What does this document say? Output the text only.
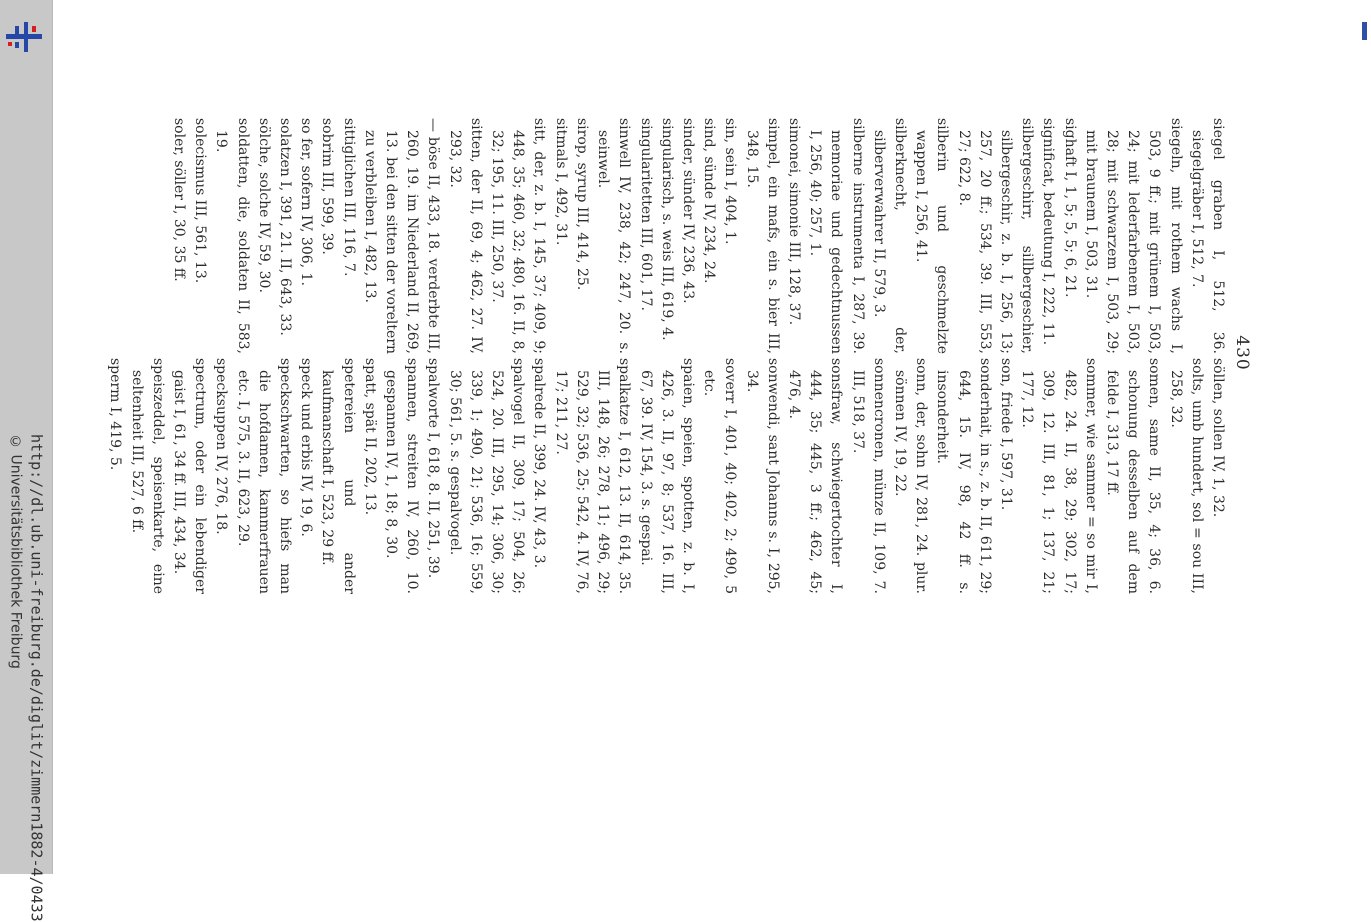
http://dl.ub.uni-freiburg.de/diglit/zimmern1882-4/0433
© Universitätsbibliothek Freiburg
430

siegel graben I, 512, 36. siegelgräber I, 512, 7.

siegeln, mit rothem wachs I, 503, 9 ff.; mit grünem I, 503, 24; mit lederfarbenem I, 503, 28; mit schwarzem I, 503, 29; mit braunem I, 503, 31.

sighaft I, 1, 5; 5, 5; 6, 21.

significat, bedeutung I, 222, 11.

silbergeschirr, sillbergeschier, silbergeschir, z. b. I, 256, 13; 257, 20 ff.; 534, 39. III, 553, 27; 622, 8.

silberin und geschmelzte wappen I, 256, 41.

silberknecht, der, silberverwahrer II, 579, 3.

silberne instrumenta I, 287, 39. memoriae und gedechtnussen I, 256, 40; 257, 1.

simonei, simonie III, 128, 37.

simpel, ein mafs, ein s. bier III, 348, 15.

sin, sein I, 404, 1.

sind, sünde IV, 234, 24.

sinder, sünder IV, 236, 43.

singularisch, s. weis III, 619, 4.

singularitetten III, 601, 17.

sinwell IV, 238, 42; 247, 20. s. seinwel.

sirop, syrup III, 414, 25.

sitmals I, 492, 31.

sitt, der, z. b. I, 145, 37; 409, 9; 448, 35; 460, 32; 480, 16. II, 8, 32; 195, 11. III, 250, 37.

sitten, der II, 69, 4; 462, 27. IV, 293, 32.

— böse II, 433, 18. verderbte III, 260, 19. im Niederland II, 269, 13. bei den sitten der voreltern zu verbleiben I, 482, 13.

sittiglichen III, 116, 7.

sobrim III, 599, 39.

so fer, sofern IV, 306, 1.

solatzen I, 391, 21. II, 643, 33.

sölche, solche IV, 59, 30.

soldatten, die, soldaten II, 583, 19.

solecismus III, 561, 13.

soler, söller I, 30, 35 ff.

söllen, sollen IV, 1, 32.

solts, umb hundert, sol = sou III, 258, 32.

somen, same II, 35, 4; 36, 6. schonung desselben auf dem felde I, 313, 17 ff.

sommer, wie sammer = so mir I, 482, 24. II, 38, 29; 302, 17; 309, 12. III, 81, 1; 137, 21; 177, 12.

son, friede I, 597, 31.

sonderhait, in s., z. b. II, 611, 29; 644, 15. IV, 98, 42 ff. s. insonderheit.

sonn, der, sohn IV, 281, 24. plur. sönnen IV, 19, 22.

sonnencronen, münze II, 109, 7. III, 518, 37.

sonsfraw, schwiegertochter I, 444, 35; 445, 3 ff.; 462, 45; 476, 4.

sonwendi, sant Johanns s. I, 295, 34.

soverr I, 401, 40; 402, 2; 490, 5 etc.

spaien, speien, spotten, z. b. I, 426, 3. II, 97, 8; 537, 16. III, 67, 39. IV, 154, 3. s. gespai.

spalkatze I, 612, 13. II, 614, 35. III, 148, 26; 278, 11; 496, 29; 529, 32; 536, 25; 542, 4. IV, 76, 17; 211, 27.

spalrede II, 399, 24. IV, 43, 3.

spalvogel II, 309, 17; 504, 26; 524, 20. III, 295, 14; 306, 30; 339, 1; 490, 21; 536, 16; 559, 30; 561, 5. s. gespalvogel.

spalworte I, 618, 8. II, 251, 39.

spannen, streiten IV, 260, 10. gespannen IV, 1, 18; 8, 30.

spatt, spät II, 202, 13.

spetereien und ander kaufmanschaft I, 523, 29 ff.

speck und erbis IV, 19, 6.

speckschwarten, so hiefs man die hofdamen, kammerfrauen etc. I, 575, 3. II, 623, 29.

specksuppen IV, 276, 18.

spectrum, oder ein lebendiger gaist I, 61, 34 ff. III, 434, 34.

speiszeddel, speisenkarte, eine seltenheit III, 527, 6 ff.

sperm I, 419, 5.
